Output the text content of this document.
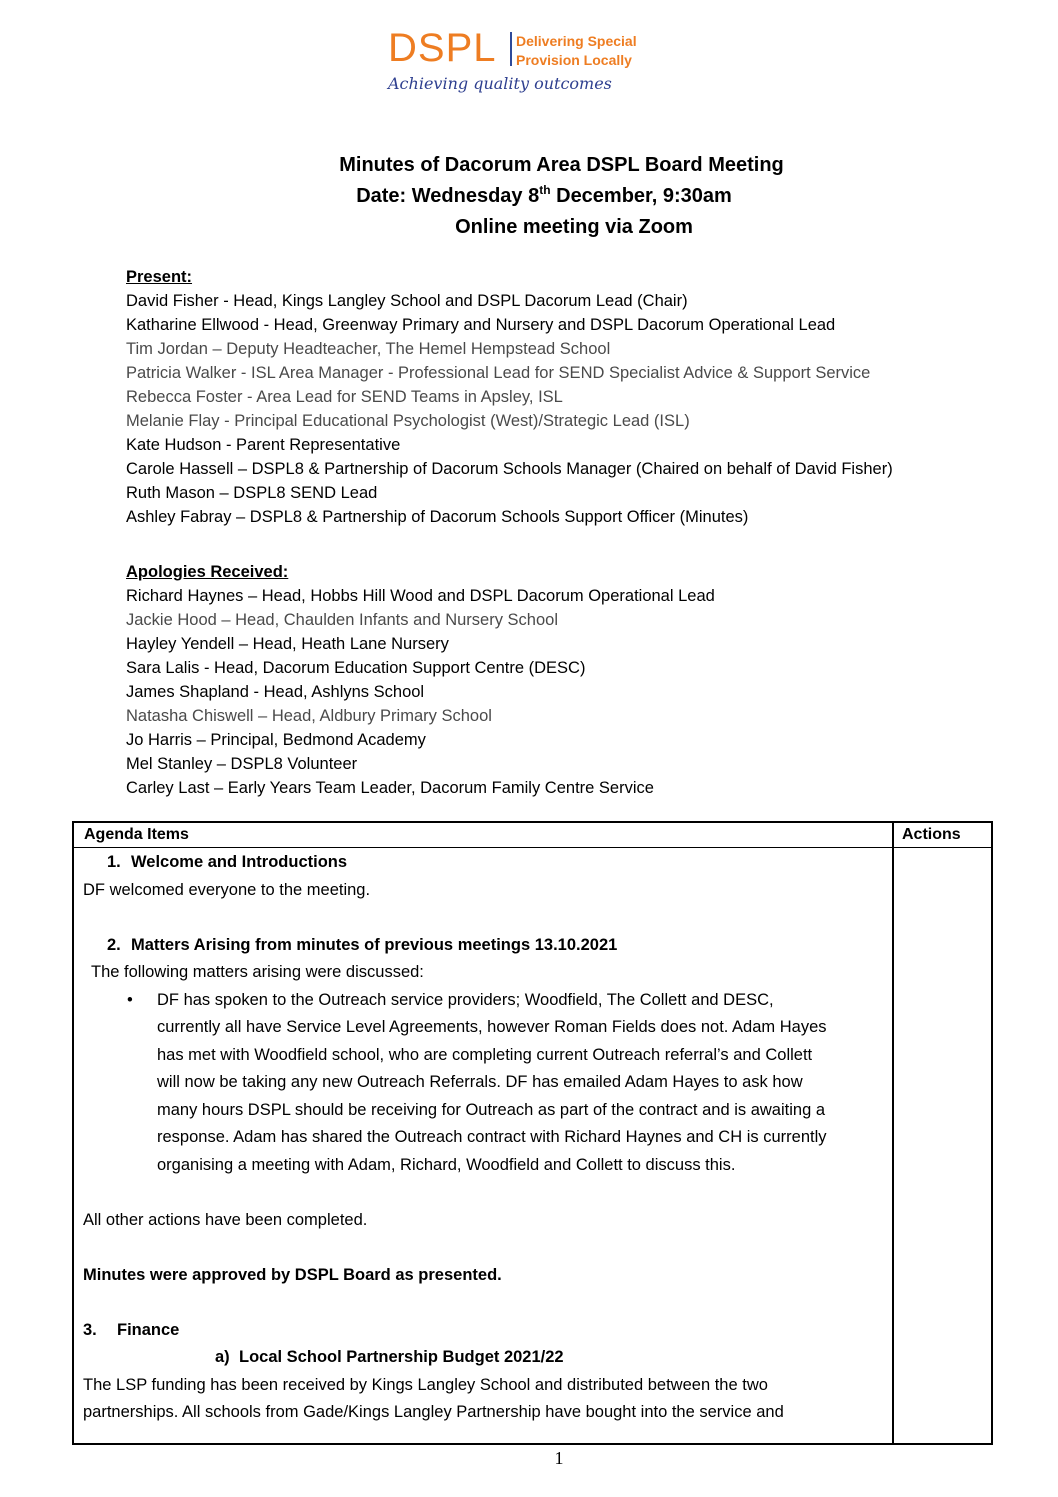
DSPL Delivering Special
Provision Locally
Achieving quality outcomes
Minutes of Dacorum Area DSPL Board Meeting
Date: Wednesday 8th December, 9:30am
Online meeting via Zoom
Present:
David Fisher - Head, Kings Langley School and DSPL Dacorum Lead (Chair)
Katharine Ellwood - Head, Greenway Primary and Nursery and DSPL Dacorum Operational Lead
Tim Jordan – Deputy Headteacher, The Hemel Hempstead School
Patricia Walker - ISL Area Manager - Professional Lead for SEND Specialist Advice & Support Service
Rebecca Foster - Area Lead for SEND Teams in Apsley, ISL
Melanie Flay - Principal Educational Psychologist (West)/Strategic Lead (ISL)
Kate Hudson - Parent Representative
Carole Hassell – DSPL8 & Partnership of Dacorum Schools Manager (Chaired on behalf of David Fisher)
Ruth Mason – DSPL8 SEND Lead
Ashley Fabray – DSPL8 & Partnership of Dacorum Schools Support Officer (Minutes)
Apologies Received:
Richard Haynes – Head, Hobbs Hill Wood and DSPL Dacorum Operational Lead
Jackie Hood – Head, Chaulden Infants and Nursery School
Hayley Yendell – Head, Heath Lane Nursery
Sara Lalis - Head, Dacorum Education Support Centre (DESC)
James Shapland - Head, Ashlyns School
Natasha Chiswell – Head, Aldbury Primary School
Jo Harris – Principal, Bedmond Academy
Mel Stanley – DSPL8 Volunteer
Carley Last – Early Years Team Leader, Dacorum Family Centre Service
Agenda Items	Actions
1. Welcome and Introductions
DF welcomed everyone to the meeting.
2. Matters Arising from minutes of previous meetings 13.10.2021
The following matters arising were discussed:
• DF has spoken to the Outreach service providers; Woodfield, The Collett and DESC,
currently all have Service Level Agreements, however Roman Fields does not. Adam Hayes
has met with Woodfield school, who are completing current Outreach referral’s and Collett
will now be taking any new Outreach Referrals. DF has emailed Adam Hayes to ask how
many hours DSPL should be receiving for Outreach as part of the contract and is awaiting a
response. Adam has shared the Outreach contract with Richard Haynes and CH is currently
organising a meeting with Adam, Richard, Woodfield and Collett to discuss this.
All other actions have been completed.
Minutes were approved by DSPL Board as presented.
3. Finance
a) Local School Partnership Budget 2021/22
The LSP funding has been received by Kings Langley School and distributed between the two
partnerships. All schools from Gade/Kings Langley Partnership have bought into the service and
1
